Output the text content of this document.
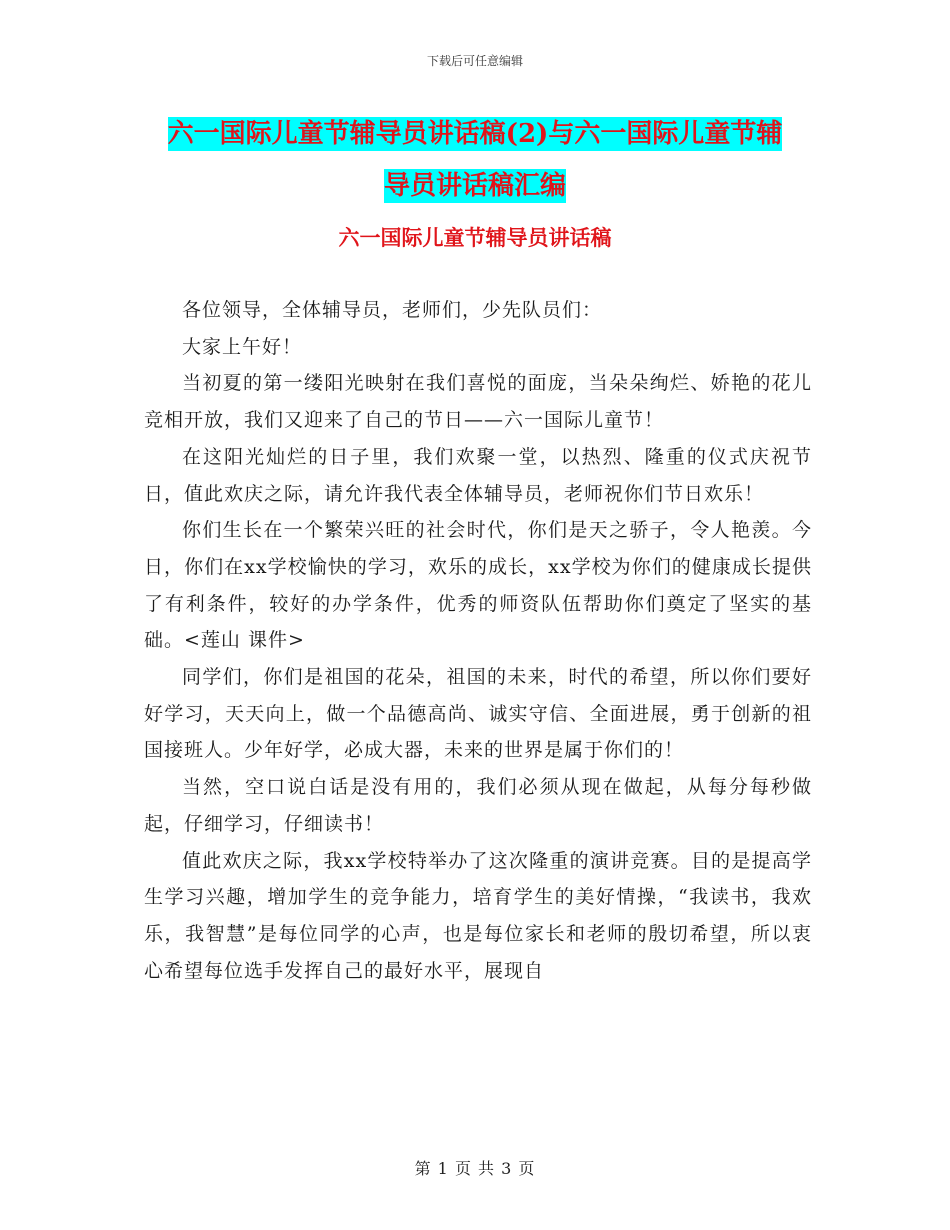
下载后可任意编辑
六一国际儿童节辅导员讲话稿(2)与六一国际儿童节辅
导员讲话稿汇编
六一国际儿童节辅导员讲话稿

各位领导，全体辅导员，老师们，少先队员们：

大家上午好！

当初夏的第一缕阳光映射在我们喜悦的面庞，当朵朵绚烂、娇艳的花儿竞相开放，我们又迎来了自己的节日——六一国际儿童节！

在这阳光灿烂的日子里，我们欢聚一堂，以热烈、隆重的仪式庆祝节日，值此欢庆之际，请允许我代表全体辅导员，老师祝你们节日欢乐！

你们生长在一个繁荣兴旺的社会时代，你们是天之骄子，令人艳羡。今日，你们在xx学校愉快的学习，欢乐的成长，xx学校为你们的健康成长提供了有利条件，较好的办学条件，优秀的师资队伍帮助你们奠定了坚实的基础。<莲山 课件>

同学们，你们是祖国的花朵，祖国的未来，时代的希望，所以你们要好好学习，天天向上，做一个品德高尚、诚实守信、全面进展，勇于创新的祖国接班人。少年好学，必成大器，未来的世界是属于你们的！

当然，空口说白话是没有用的，我们必须从现在做起，从每分每秒做起，仔细学习，仔细读书！

值此欢庆之际，我xx学校特举办了这次隆重的演讲竞赛。目的是提高学生学习兴趣，增加学生的竞争能力，培育学生的美好情操，“我读书，我欢乐，我智慧”是每位同学的心声，也是每位家长和老师的殷切希望，所以衷心希望每位选手发挥自己的最好水平，展现自

第 1 页 共 3 页
